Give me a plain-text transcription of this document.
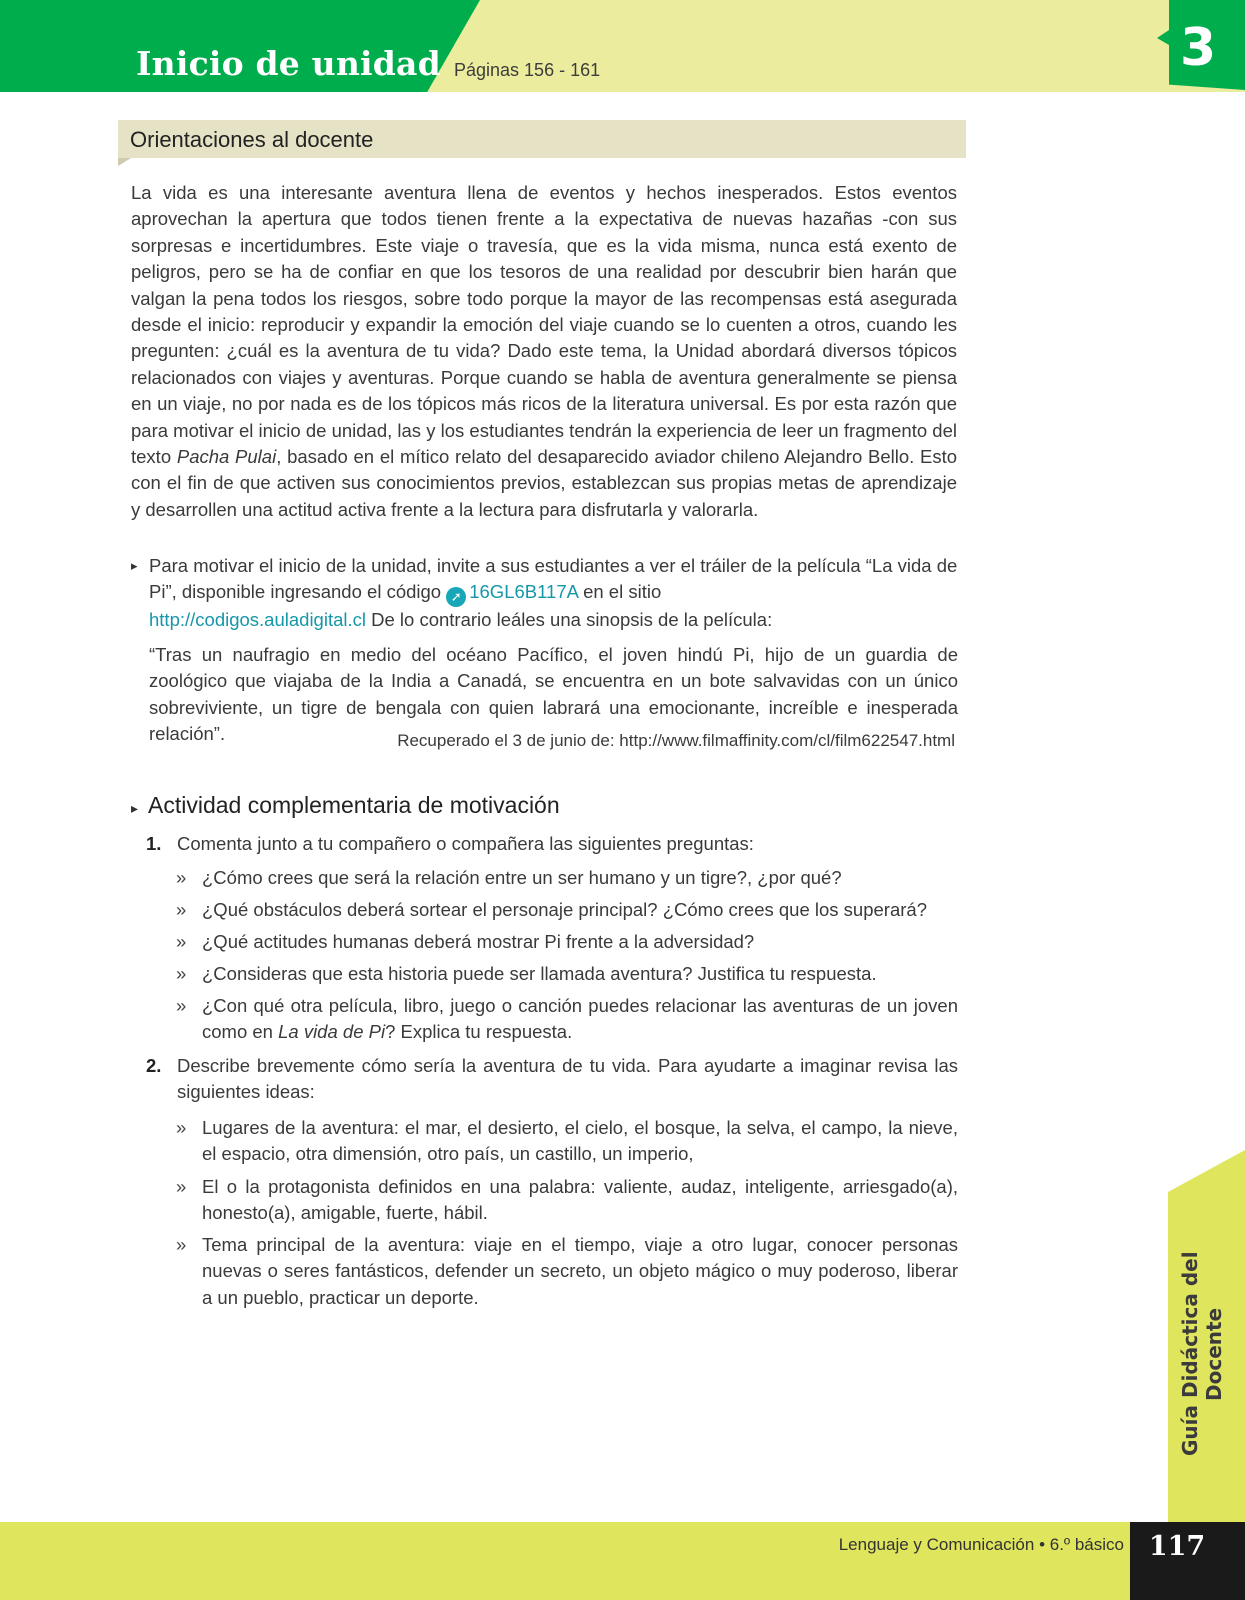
Inicio de unidad Páginas 156 - 161	3
Orientaciones al docente
La vida es una interesante aventura llena de eventos y hechos inesperados. Estos eventos aprovechan la apertura que todos tienen frente a la expectativa de nuevas hazañas -con sus sorpresas e incertidumbres. Este viaje o travesía, que es la vida misma, nunca está exento de peligros, pero se ha de confiar en que los tesoros de una realidad por descubrir bien harán que valgan la pena todos los riesgos, sobre todo porque la mayor de las recompensas está asegurada desde el inicio: reproducir y expandir la emoción del viaje cuando se lo cuenten a otros, cuando les pregunten: ¿cuál es la aventura de tu vida? Dado este tema, la Unidad abordará diversos tópicos relacionados con viajes y aventuras. Porque cuando se habla de aventura generalmente se piensa en un viaje, no por nada es de los tópicos más ricos de la literatura universal. Es por esta razón que para motivar el inicio de unidad, las y los estudiantes tendrán la experiencia de leer un fragmento del texto Pacha Pulai, basado en el mítico relato del desaparecido aviador chileno Alejandro Bello. Esto con el fin de que activen sus conocimientos previos, establezcan sus propias metas de aprendizaje y desarrollen una actitud activa frente a la lectura para disfrutarla y valorarla.
▸ Para motivar el inicio de la unidad, invite a sus estudiantes a ver el tráiler de la película “La vida de Pi”, disponible ingresando el código ➚ 16GL6B117A en el sitio
http://codigos.auladigital.cl De lo contrario leáles una sinopsis de la película:
“Tras un naufragio en medio del océano Pacífico, el joven hindú Pi, hijo de un guardia de zoológico que viajaba de la India a Canadá, se encuentra en un bote salvavidas con un único sobreviviente, un tigre de bengala con quien labrará una emocionante, increíble e inesperada relación”.	Recuperado el 3 de junio de: http://www.filmaffinity.com/cl/film622547.html
▸ Actividad complementaria de motivación
1. Comenta junto a tu compañero o compañera las siguientes preguntas:
» ¿Cómo crees que será la relación entre un ser humano y un tigre?, ¿por qué?
» ¿Qué obstáculos deberá sortear el personaje principal? ¿Cómo crees que los superará?
» ¿Qué actitudes humanas deberá mostrar Pi frente a la adversidad?
» ¿Consideras que esta historia puede ser llamada aventura? Justifica tu respuesta.
» ¿Con qué otra película, libro, juego o canción puedes relacionar las aventuras de un joven como en La vida de Pi? Explica tu respuesta.
2. Describe brevemente cómo sería la aventura de tu vida. Para ayudarte a imaginar revisa las siguientes ideas:
» Lugares de la aventura: el mar, el desierto, el cielo, el bosque, la selva, el campo, la nieve, el espacio, otra dimensión, otro país, un castillo, un imperio,
» El o la protagonista definidos en una palabra: valiente, audaz, inteligente, arriesgado(a), honesto(a), amigable, fuerte, hábil.
» Tema principal de la aventura: viaje en el tiempo, viaje a otro lugar, conocer personas nuevas o seres fantásticos, defender un secreto, un objeto mágico o muy poderoso, liberar a un pueblo, practicar un deporte.	Guía Didáctica del Docente
Lenguaje y Comunicación • 6.º básico 117
